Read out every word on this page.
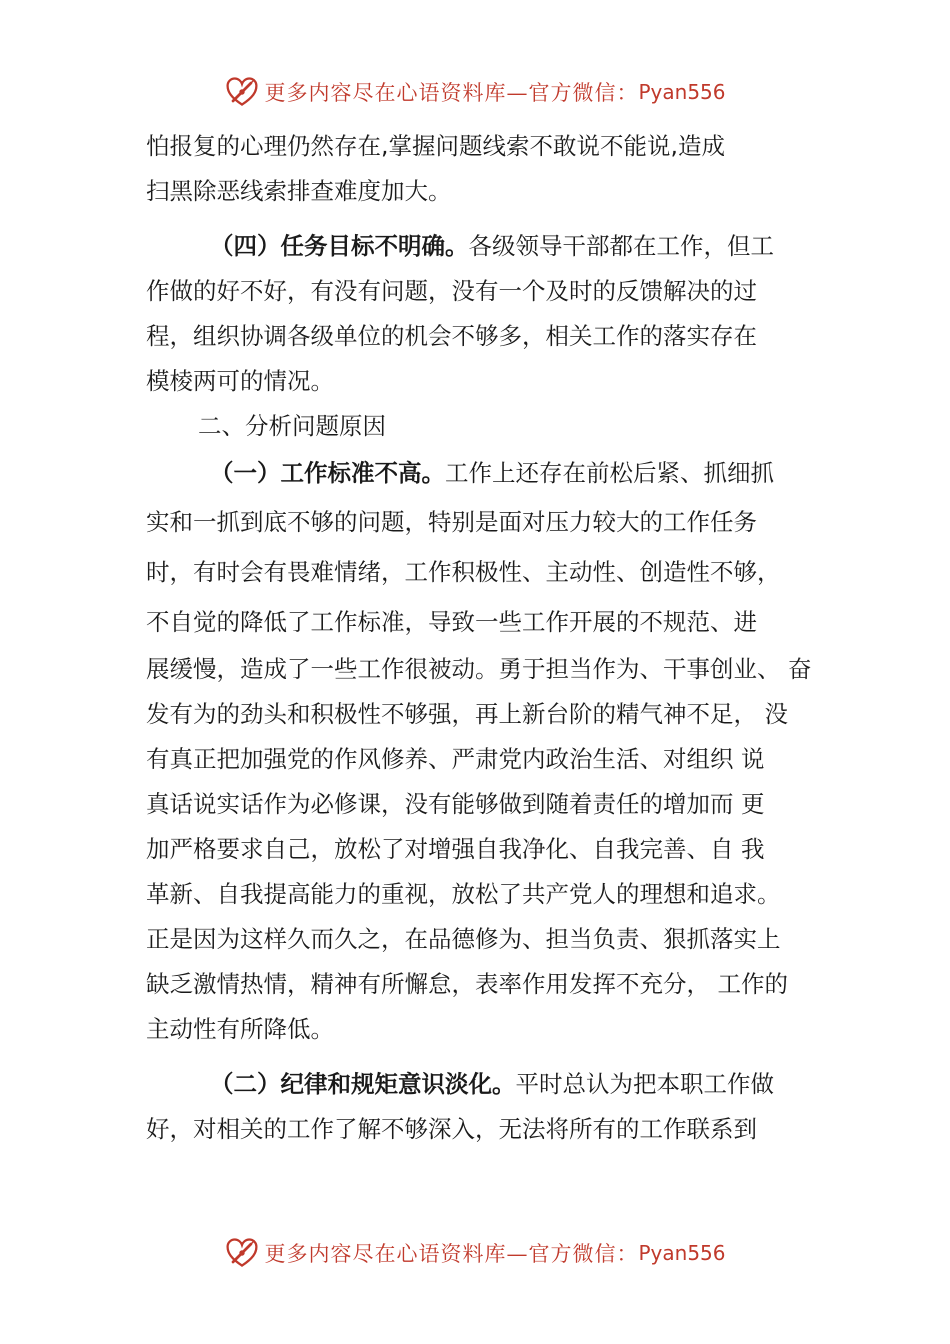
更多内容尽在心语资料库—官方微信： Pyan556
怕报复的心理仍然存在,掌握问题线索不敢说不能说,造成
扫黑除恶线索排查难度加大。
（四）任务目标不明确。各级领导干部都在工作，但工
作做的好不好，有没有问题，没有一个及时的反馈解决的过
程，组织协调各级单位的机会不够多，相关工作的落实存在
模棱两可的情况。
二、分析问题原因
（一）工作标准不高。工作上还存在前松后紧、抓细抓
实和一抓到底不够的问题，特别是面对压力较大的工作任务
时，有时会有畏难情绪，工作积极性、主动性、创造性不够，
不自觉的降低了工作标准，导致一些工作开展的不规范、进
展缓慢，造成了一些工作很被动。勇于担当作为、干事创业、 奋
发有为的劲头和积极性不够强，再上新台阶的精气神不足， 没
有真正把加强党的作风修养、严肃党内政治生活、对组织 说
真话说实话作为必修课，没有能够做到随着责任的增加而 更
加严格要求自己，放松了对增强自我净化、自我完善、自 我
革新、自我提高能力的重视，放松了共产党人的理想和追求。
正是因为这样久而久之，在品德修为、担当负责、狠抓落实上
缺乏激情热情，精神有所懈怠，表率作用发挥不充分， 工作的
主动性有所降低。
（二）纪律和规矩意识淡化。平时总认为把本职工作做
好，对相关的工作了解不够深入，无法将所有的工作联系到
更多内容尽在心语资料库—官方微信： Pyan556
